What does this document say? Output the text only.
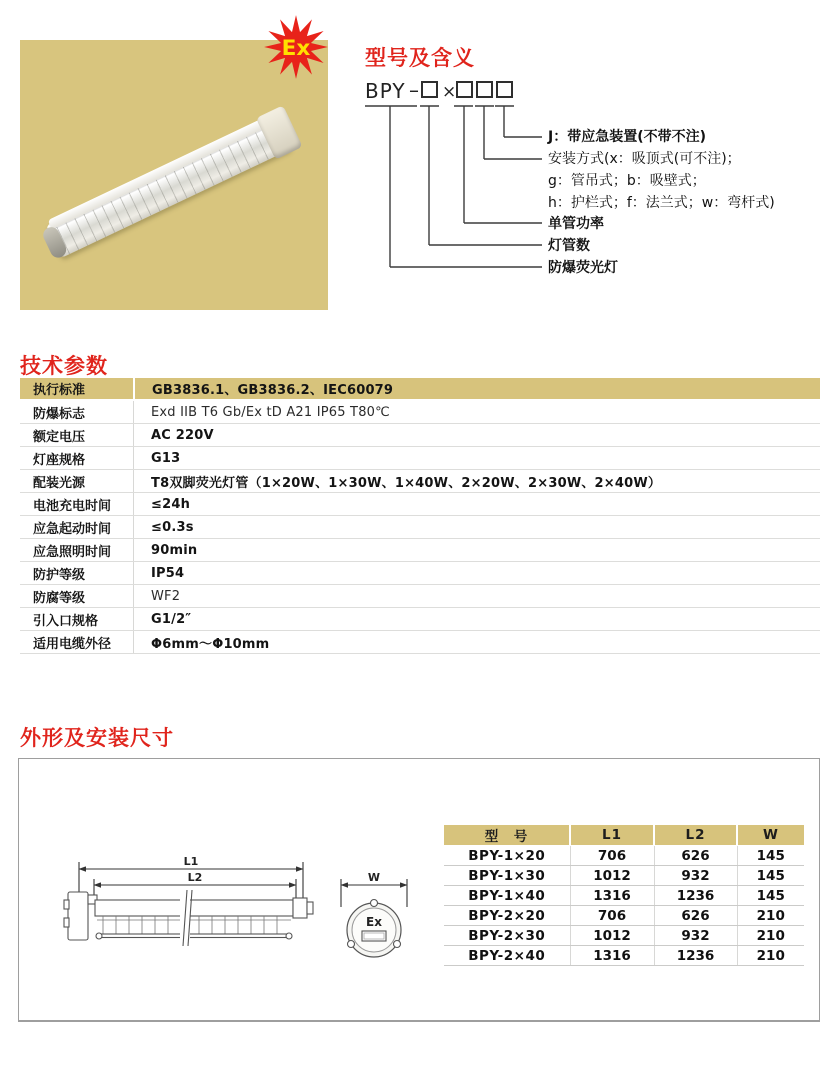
Ex	型号及含义
BPY – ×
J：带应急装置(不带不注)
安装方式(x：吸顶式(可不注)；
g：管吊式；b：吸壁式；
h：护栏式；f：法兰式；w：弯杆式)
单管功率
灯管数
防爆荧光灯
技术参数
执行标准	GB3836.1、GB3836.2、IEC60079
防爆标志	Exd IIB T6 Gb/Ex tD A21 IP65 T80℃
额定电压	AC 220V
灯座规格	G13
配装光源	T8双脚荧光灯管（1×20W、1×30W、1×40W、2×20W、2×30W、2×40W）
电池充电时间	≤24h
应急起动时间	≤0.3s
应急照明时间	90min
防护等级	IP54
防腐等级	WF2
引入口规格	G1/2″
适用电缆外径	Φ6mm～Φ10mm
外形及安装尺寸
L1
L2	W
Ex
型　号	L1	L2	W
BPY-1×20	706	626	145
BPY-1×30	1012	932	145
BPY-1×40	1316	1236	145
BPY-2×20	706	626	210
BPY-2×30	1012	932	210
BPY-2×40	1316	1236	210
